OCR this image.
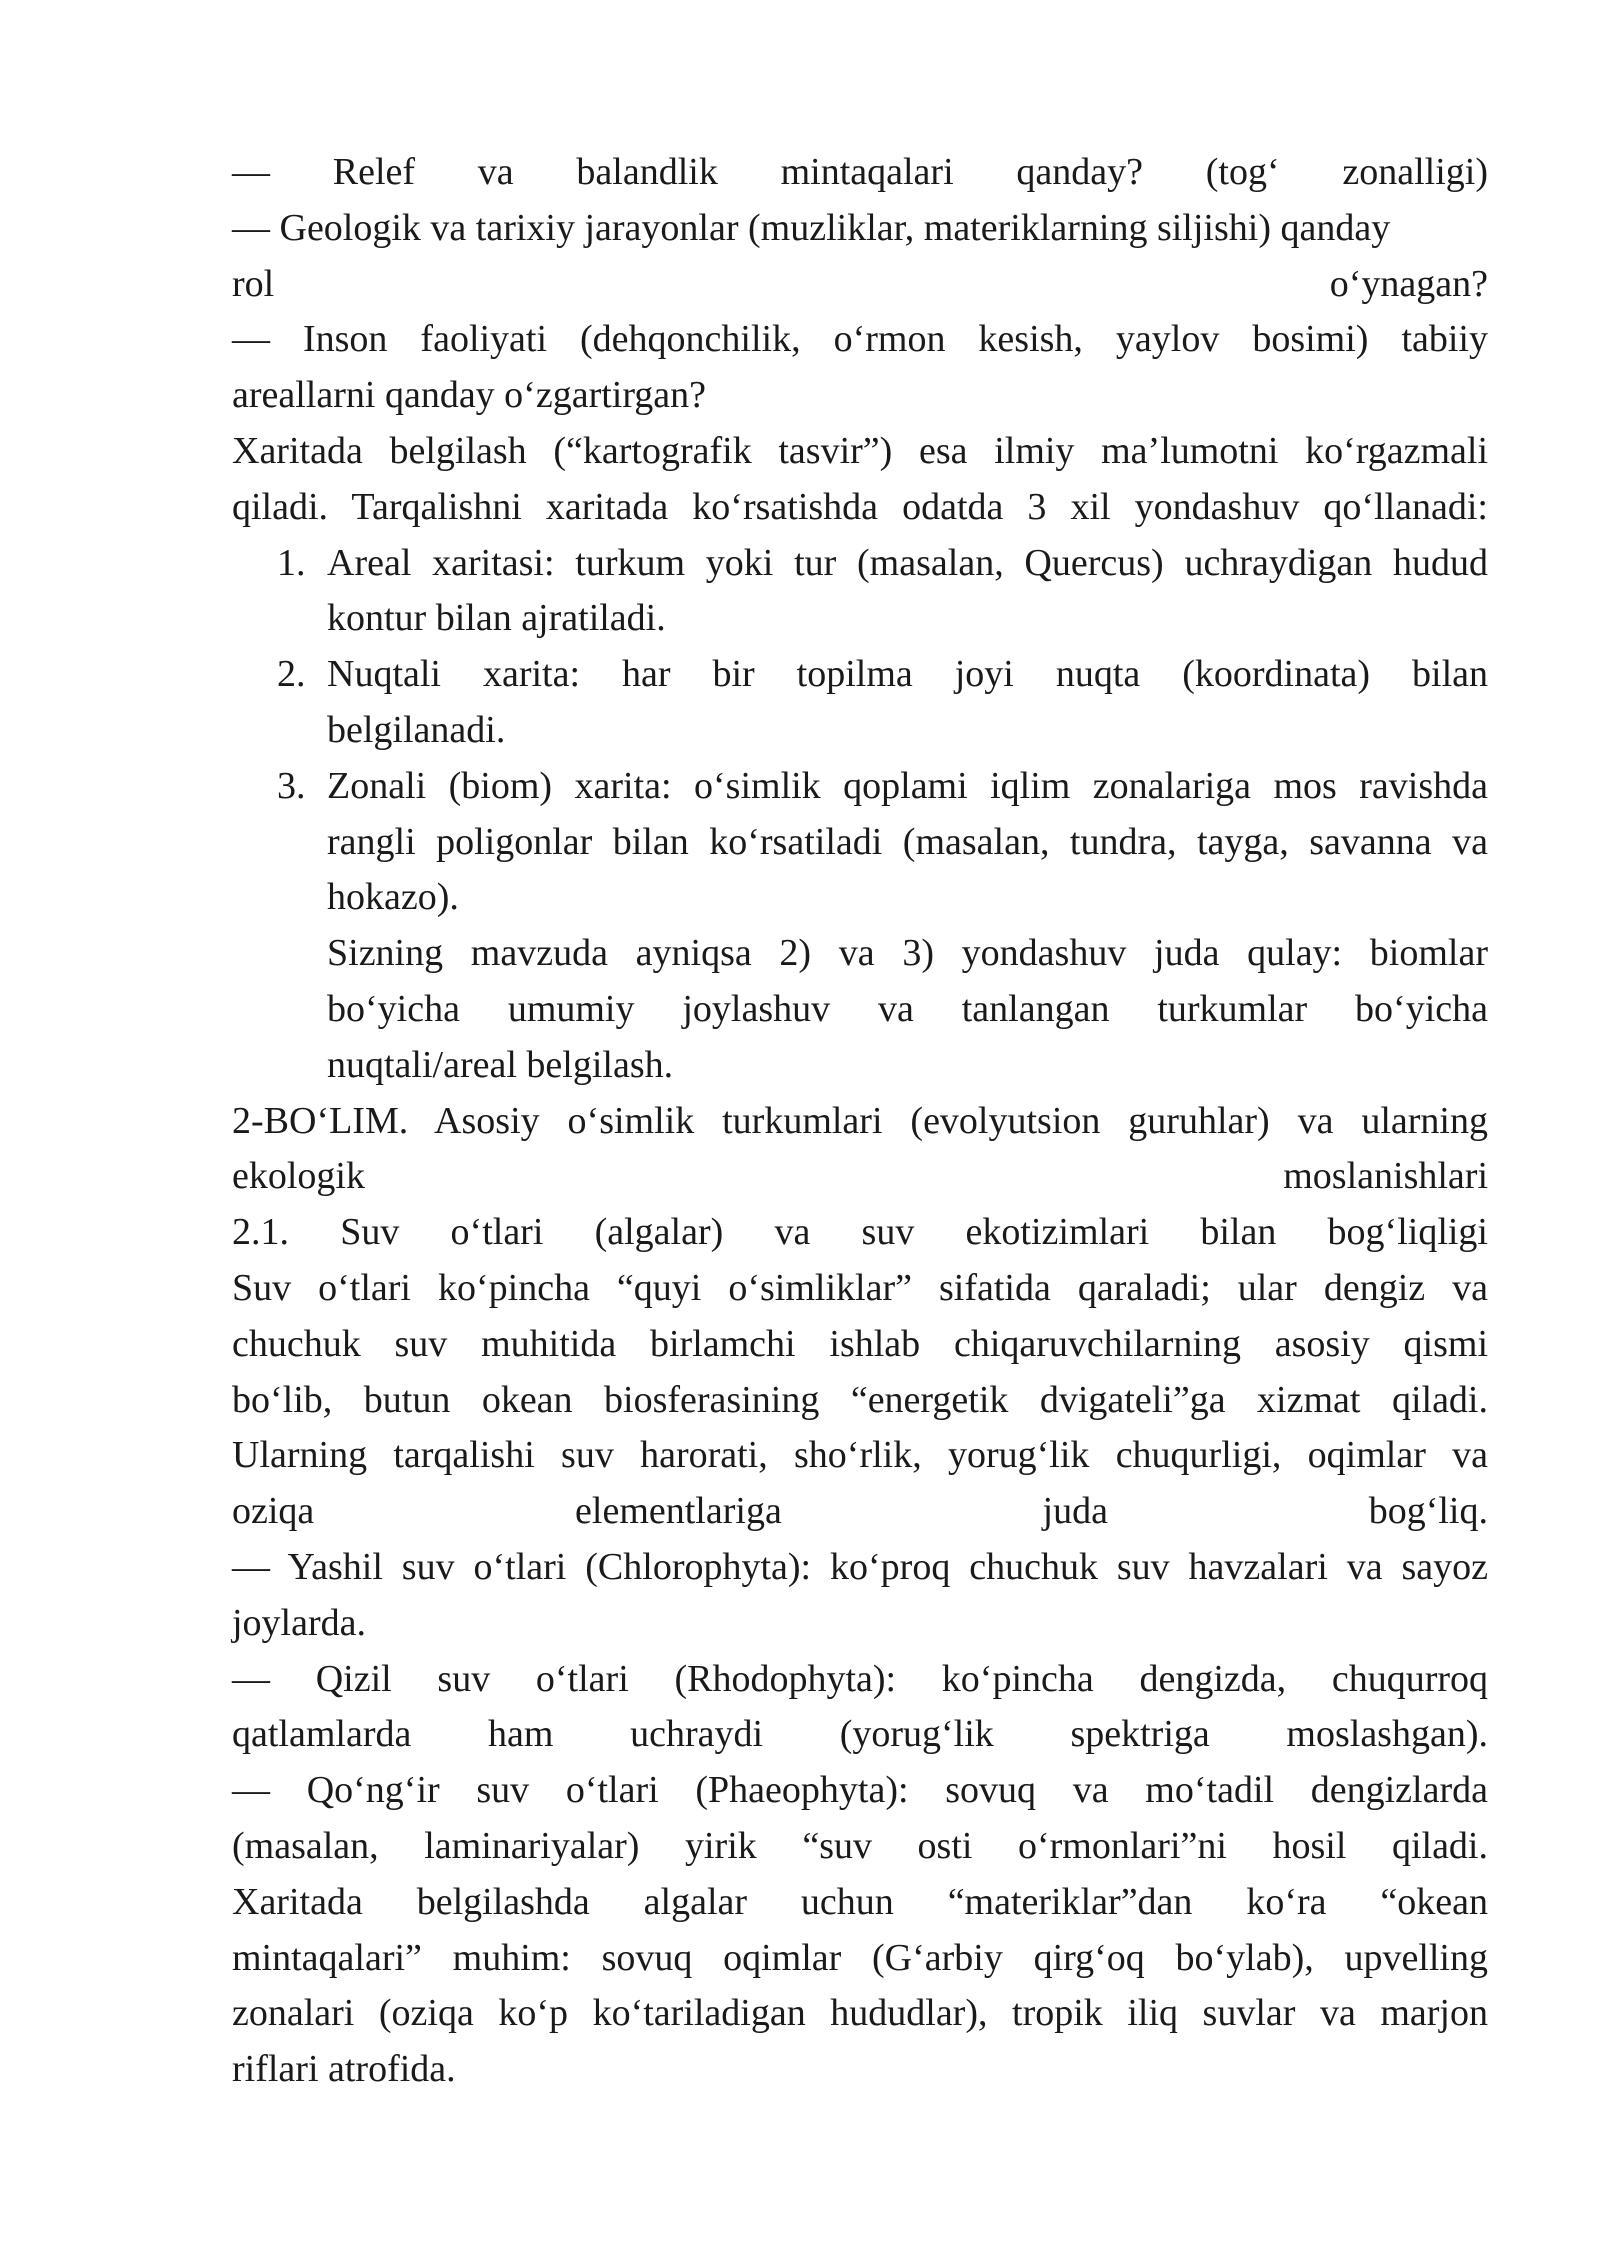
— Relef va balandlik mintaqalari qanday? (tog‘ zonalligi)
— Geologik va tarixiy jarayonlar (muzliklar, materiklarning siljishi) qanday
rol o‘ynagan?
— Inson faoliyati (dehqonchilik, o‘rmon kesish, yaylov bosimi) tabiiy
areallarni qanday o‘zgartirgan?
Xaritada belgilash (“kartografik tasvir”) esa ilmiy ma’lumotni ko‘rgazmali
qiladi. Tarqalishni xaritada ko‘rsatishda odatda 3 xil yondashuv qo‘llanadi:
1. Areal xaritasi: turkum yoki tur (masalan, Quercus) uchraydigan hudud
kontur bilan ajratiladi.
2. Nuqtali xarita: har bir topilma joyi nuqta (koordinata) bilan
belgilanadi.
3. Zonali (biom) xarita: o‘simlik qoplami iqlim zonalariga mos ravishda
rangli poligonlar bilan ko‘rsatiladi (masalan, tundra, tayga, savanna va
hokazo).
Sizning mavzuda ayniqsa 2) va 3) yondashuv juda qulay: biomlar
bo‘yicha umumiy joylashuv va tanlangan turkumlar bo‘yicha
nuqtali/areal belgilash.
2-BO‘LIM. Asosiy o‘simlik turkumlari (evolyutsion guruhlar) va ularning
ekologik moslanishlari
2.1. Suv o‘tlari (algalar) va suv ekotizimlari bilan bog‘liqligi
Suv o‘tlari ko‘pincha “quyi o‘simliklar” sifatida qaraladi; ular dengiz va
chuchuk suv muhitida birlamchi ishlab chiqaruvchilarning asosiy qismi
bo‘lib, butun okean biosferasining “energetik dvigateli”ga xizmat qiladi.
Ularning tarqalishi suv harorati, sho‘rlik, yorug‘lik chuqurligi, oqimlar va
oziqa elementlariga juda bog‘liq.
— Yashil suv o‘tlari (Chlorophyta): ko‘proq chuchuk suv havzalari va sayoz
joylarda.
— Qizil suv o‘tlari (Rhodophyta): ko‘pincha dengizda, chuqurroq
qatlamlarda ham uchraydi (yorug‘lik spektriga moslashgan).
— Qo‘ng‘ir suv o‘tlari (Phaeophyta): sovuq va mo‘tadil dengizlarda
(masalan, laminariyalar) yirik “suv osti o‘rmonlari”ni hosil qiladi.
Xaritada belgilashda algalar uchun “materiklar”dan ko‘ra “okean
mintaqalari” muhim: sovuq oqimlar (G‘arbiy qirg‘oq bo‘ylab), upvelling
zonalari (oziqa ko‘p ko‘tariladigan hududlar), tropik iliq suvlar va marjon
riflari atrofida.
